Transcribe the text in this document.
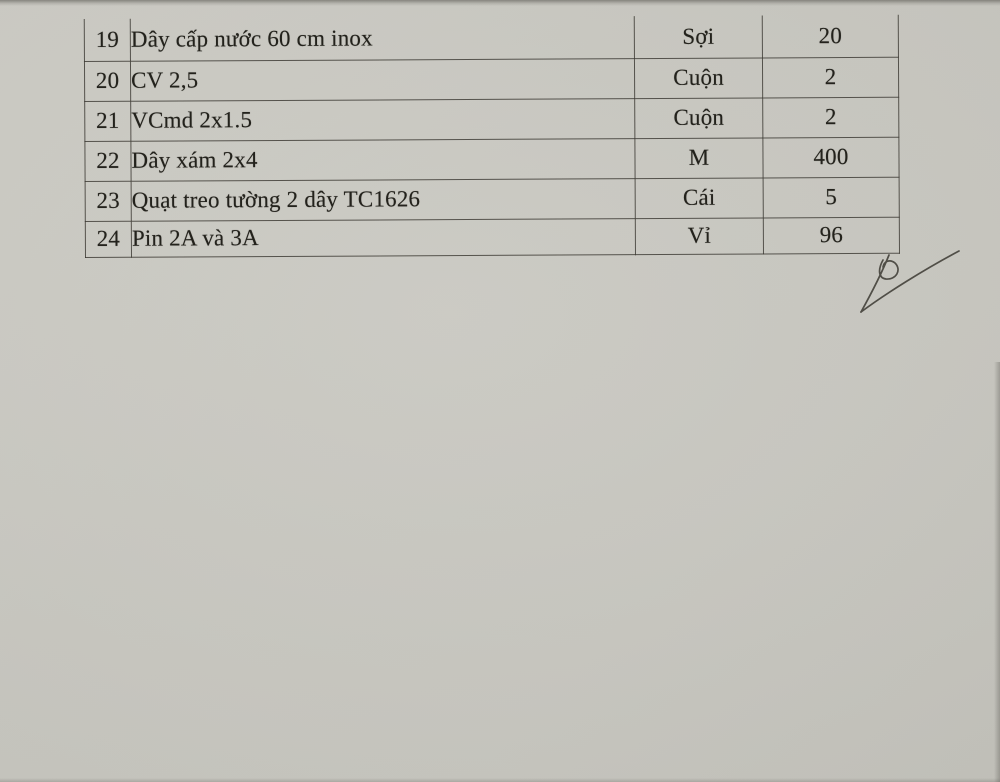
19	Dây cấp nước 60 cm inox	Sợi	20
20	CV 2,5	Cuộn	2
21	VCmd 2x1.5	Cuộn	2
22	Dây xám 2x4	M	400
23	Quạt treo tường 2 dây TC1626	Cái	5
24	Pin 2A và 3A	Vỉ	96
